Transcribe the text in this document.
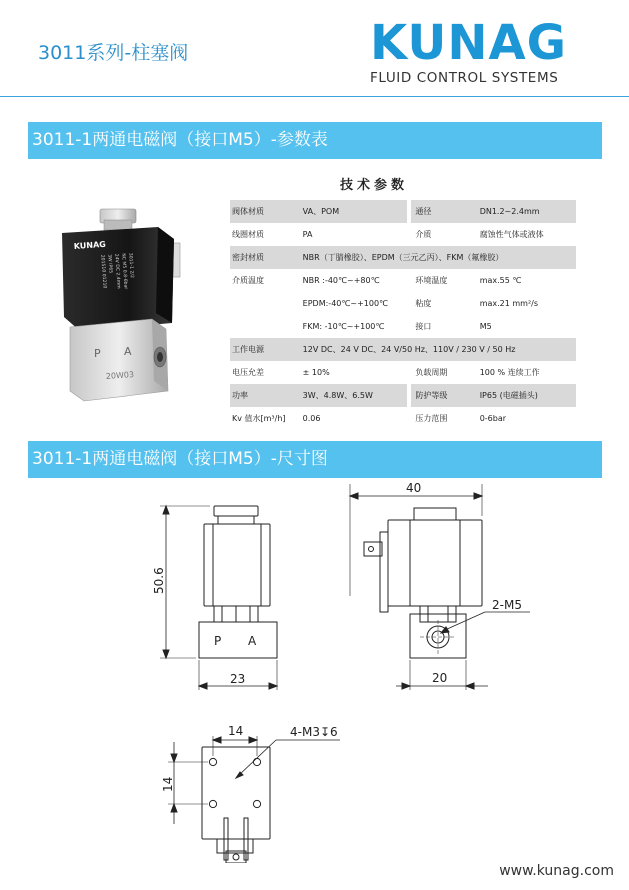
3011系列-柱塞阀	KUNAG
FLUID CONTROL SYSTEMS
3011-1两通电磁阀（接口M5）-参数表
KUNAG
3011-1 2/2
NC M5 0.8-6bar
24V DC 2.4mm
3W IP65
201510 01210
P A
20W03
技术参数
阀体材质	VA、POM		通径	DN1.2~2.4mm
线圈材质	PA		介质	腐蚀性气体或液体
密封材质	NBR（丁腈橡胶）、EPDM（三元乙丙）、FKM（氟橡胶）			
介质温度	NBR :-40℃~+80℃		环境温度	max.55 ℃
	EPDM:-40℃~+100℃		粘度	max.21 mm²/s
	FKM: -10℃~+100℃		接口	M5
工作电源	12V DC、24 V DC、24 V/50 Hz、110V / 230 V / 50 Hz			
电压允差	± 10%		负载周期	100 % 连续工作
功率	3W、4.8W、6.5W		防护等级	IP65 (电磁插头)
Kv 值水[m³/h]	0.06		压力范围	0-6bar
3011-1两通电磁阀（接口M5）-尺寸图
P A
50.6
23
2-M5
40
20
14
14
4-M3↧6
www.kunag.com
